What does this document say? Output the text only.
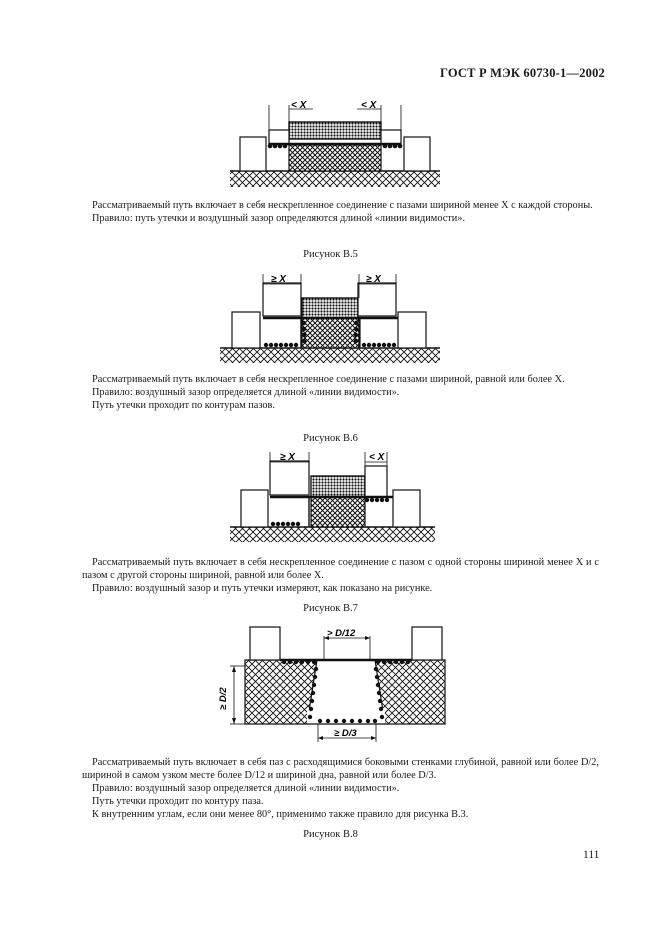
ГОСТ Р МЭК 60730-1—2002
< X	< X

Рассматриваемый путь включает в себя нескрепленное соединение с пазами шириной менее X с каждой стороны.

Правило: путь утечки и воздушный зазор определяются длиной «линии видимости».

Рисунок В.5
≥ X	≥ X

Рассматриваемый путь включает в себя нескрепленное соединение с пазами шириной, равной или более X.

Правило: воздушный зазор определяется длиной «линии видимости».

Путь утечки проходит по контурам пазов.

Рисунок В.6
≥ X	< X

Рассматриваемый путь включает в себя нескрепленное соединение с пазом с одной стороны шириной менее X и с пазом с другой стороны шириной, равной или более X.

Правило: воздушный зазор и путь утечки измеряют, как показано на рисунке.

Рисунок В.7
> D/12
≥ D/2
≥ D/3

Рассматриваемый путь включает в себя паз с расходящимися боковыми стенками глубиной, равной или более D/2, шириной в самом узком месте более D/12 и шириной дна, равной или более D/3.

Правило: воздушный зазор определяется длиной «линии видимости».

Путь утечки проходит по контуру паза.

К внутренним углам, если они менее 80°, применимо также правило для рисунка В.3.

Рисунок В.8
111
